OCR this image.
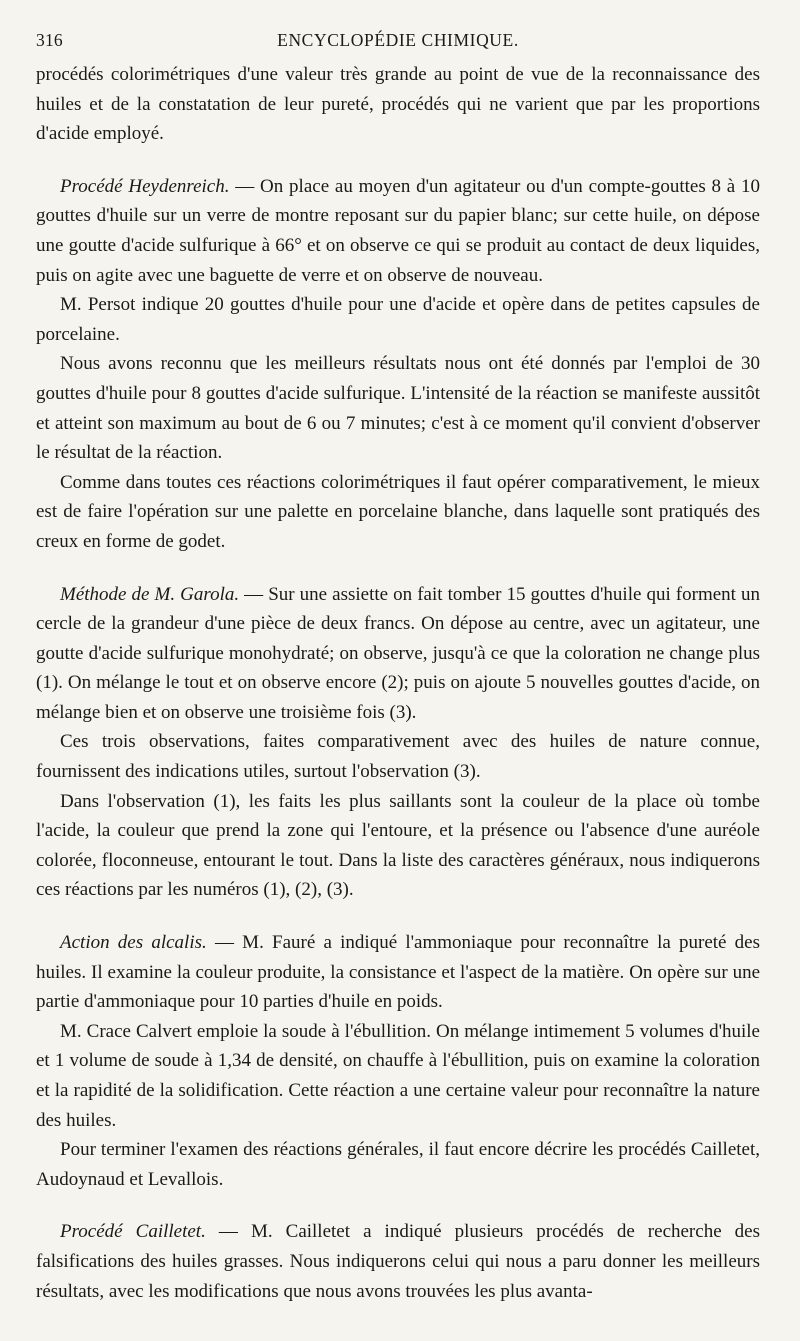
316	ENCYCLOPÉDIE CHIMIQUE.

procédés colorimétriques d'une valeur très grande au point de vue de la reconnaissance des huiles et de la constatation de leur pureté, procédés qui ne varient que par les proportions d'acide employé.

Procédé Heydenreich. — On place au moyen d'un agitateur ou d'un compte-gouttes 8 à 10 gouttes d'huile sur un verre de montre reposant sur du papier blanc; sur cette huile, on dépose une goutte d'acide sulfurique à 66° et on observe ce qui se produit au contact de deux liquides, puis on agite avec une baguette de verre et on observe de nouveau.

M. Persot indique 20 gouttes d'huile pour une d'acide et opère dans de petites capsules de porcelaine.

Nous avons reconnu que les meilleurs résultats nous ont été donnés par l'emploi de 30 gouttes d'huile pour 8 gouttes d'acide sulfurique. L'intensité de la réaction se manifeste aussitôt et atteint son maximum au bout de 6 ou 7 minutes; c'est à ce moment qu'il convient d'observer le résultat de la réaction.

Comme dans toutes ces réactions colorimétriques il faut opérer comparativement, le mieux est de faire l'opération sur une palette en porcelaine blanche, dans laquelle sont pratiqués des creux en forme de godet.

Méthode de M. Garola. — Sur une assiette on fait tomber 15 gouttes d'huile qui forment un cercle de la grandeur d'une pièce de deux francs. On dépose au centre, avec un agitateur, une goutte d'acide sulfurique monohydraté; on observe, jusqu'à ce que la coloration ne change plus (1). On mélange le tout et on observe encore (2); puis on ajoute 5 nouvelles gouttes d'acide, on mélange bien et on observe une troisième fois (3).

Ces trois observations, faites comparativement avec des huiles de nature connue, fournissent des indications utiles, surtout l'observation (3).

Dans l'observation (1), les faits les plus saillants sont la couleur de la place où tombe l'acide, la couleur que prend la zone qui l'entoure, et la présence ou l'absence d'une auréole colorée, floconneuse, entourant le tout. Dans la liste des caractères généraux, nous indiquerons ces réactions par les numéros (1), (2), (3).

Action des alcalis. — M. Fauré a indiqué l'ammoniaque pour reconnaître la pureté des huiles. Il examine la couleur produite, la consistance et l'aspect de la matière. On opère sur une partie d'ammoniaque pour 10 parties d'huile en poids.

M. Crace Calvert emploie la soude à l'ébullition. On mélange intimement 5 volumes d'huile et 1 volume de soude à 1,34 de densité, on chauffe à l'ébullition, puis on examine la coloration et la rapidité de la solidification. Cette réaction a une certaine valeur pour reconnaître la nature des huiles.

Pour terminer l'examen des réactions générales, il faut encore décrire les procédés Cailletet, Audoynaud et Levallois.

Procédé Cailletet. — M. Cailletet a indiqué plusieurs procédés de recherche des falsifications des huiles grasses. Nous indiquerons celui qui nous a paru donner les meilleurs résultats, avec les modifications que nous avons trouvées les plus avanta-
